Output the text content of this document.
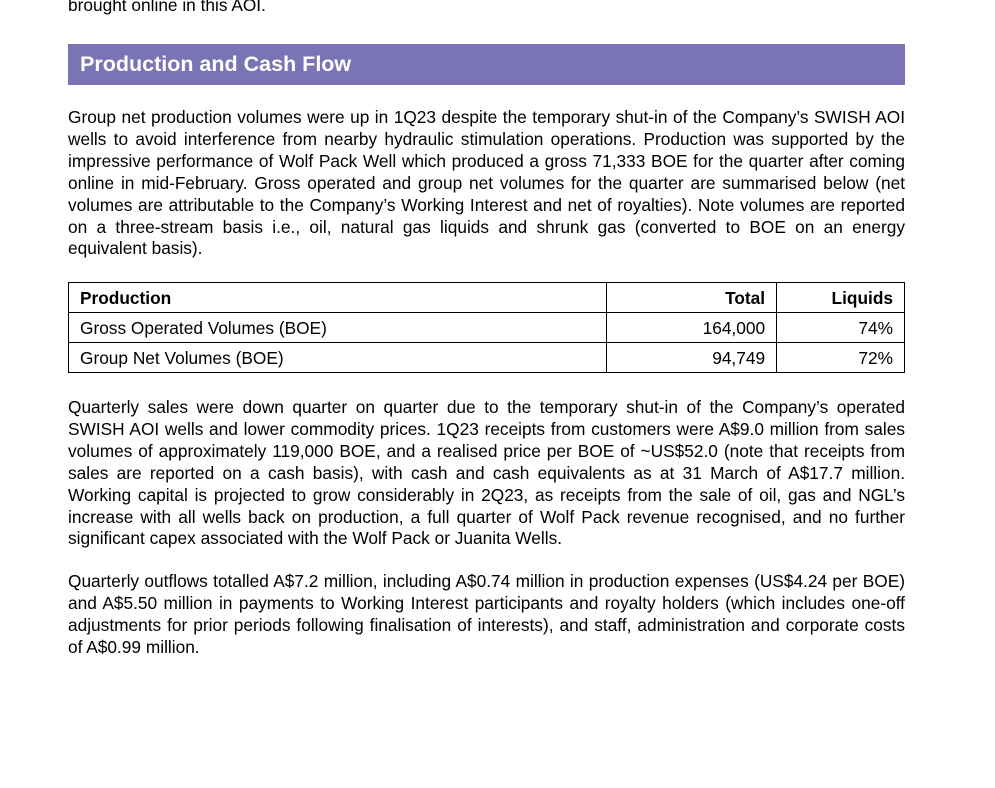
brought online in this AOI.
Production and Cash Flow

Group net production volumes were up in 1Q23 despite the temporary shut-in of the Company’s SWISH AOI wells to avoid interference from nearby hydraulic stimulation operations. Production was supported by the impressive performance of Wolf Pack Well which produced a gross 71,333 BOE for the quarter after coming online in mid-February. Gross operated and group net volumes for the quarter are summarised below (net volumes are attributable to the Company’s Working Interest and net of royalties). Note volumes are reported on a three-stream basis i.e., oil, natural gas liquids and shrunk gas (converted to BOE on an energy equivalent basis).

Production	Total	Liquids
Gross Operated Volumes (BOE)	164,000	74%
Group Net Volumes (BOE)	94,749	72%

Quarterly sales were down quarter on quarter due to the temporary shut-in of the Company’s operated SWISH AOI wells and lower commodity prices. 1Q23 receipts from customers were A$9.0 million from sales volumes of approximately 119,000 BOE, and a realised price per BOE of ~US$52.0 (note that receipts from sales are reported on a cash basis), with cash and cash equivalents as at 31 March of A$17.7 million. Working capital is projected to grow considerably in 2Q23, as receipts from the sale of oil, gas and NGL’s increase with all wells back on production, a full quarter of Wolf Pack revenue recognised, and no further significant capex associated with the Wolf Pack or Juanita Wells.

Quarterly outflows totalled A$7.2 million, including A$0.74 million in production expenses (US$4.24 per BOE) and A$5.50 million in payments to Working Interest participants and royalty holders (which includes one-off adjustments for prior periods following finalisation of interests), and staff, administration and corporate costs of A$0.99 million.
